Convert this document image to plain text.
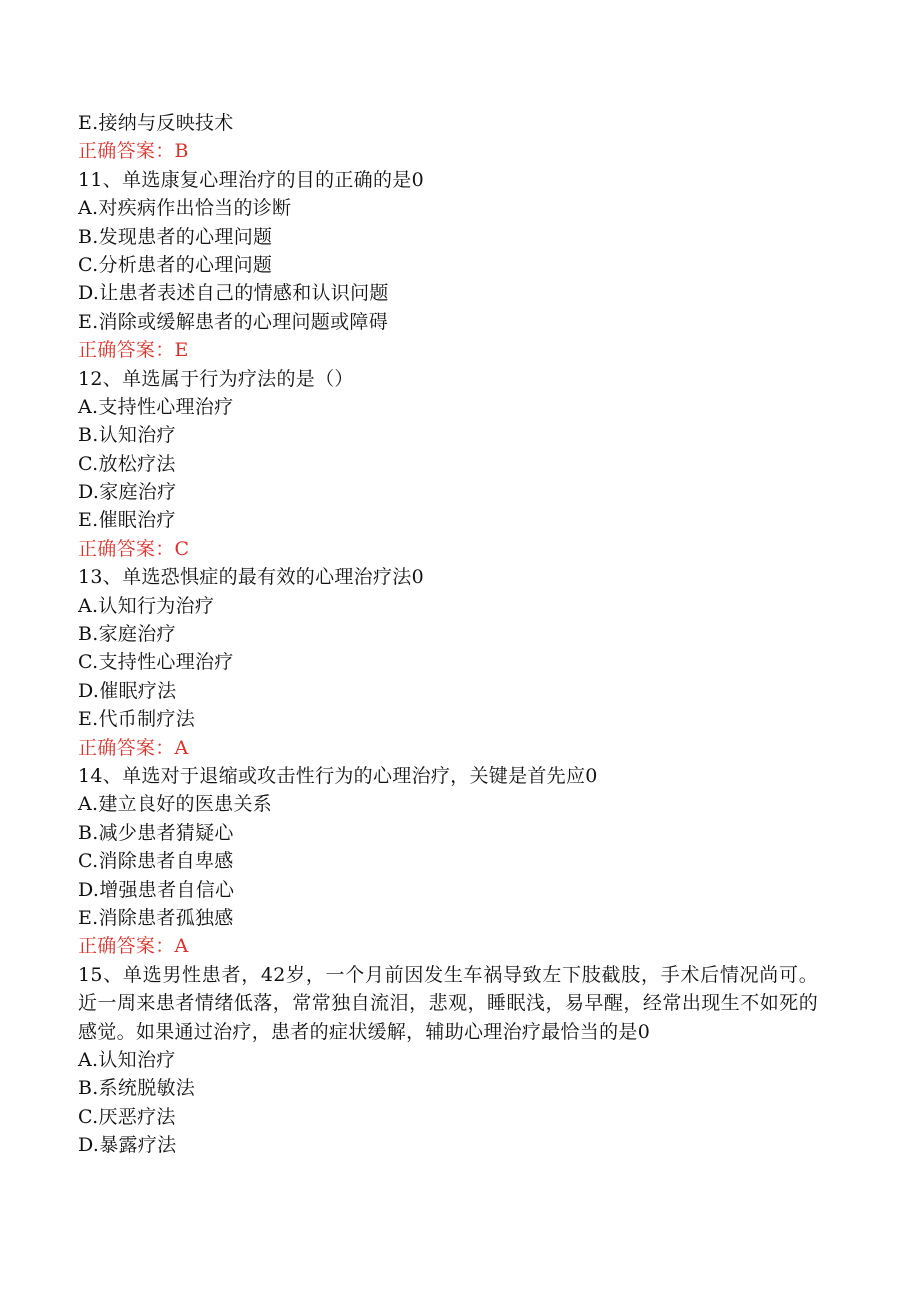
E.接纳与反映技术
正确答案：B
11、单选康复心理治疗的目的正确的是0
A.对疾病作出恰当的诊断
B.发现患者的心理问题
C.分析患者的心理问题
D.让患者表述自己的情感和认识问题
E.消除或缓解患者的心理问题或障碍
正确答案：E
12、单选属于行为疗法的是（）
A.支持性心理治疗
B.认知治疗
C.放松疗法
D.家庭治疗
E.催眠治疗
正确答案：C
13、单选恐惧症的最有效的心理治疗法0
A.认知行为治疗
B.家庭治疗
C.支持性心理治疗
D.催眠疗法
E.代币制疗法
正确答案：A
14、单选对于退缩或攻击性行为的心理治疗，关键是首先应0
A.建立良好的医患关系
B.减少患者猜疑心
C.消除患者自卑感
D.增强患者自信心
E.消除患者孤独感
正确答案：A
15、单选男性患者，42岁，一个月前因发生车祸导致左下肢截肢，手术后情况尚可。近一周来患者情绪低落，常常独自流泪，悲观，睡眠浅，易早醒，经常出现生不如死的感觉。如果通过治疗，患者的症状缓解，辅助心理治疗最恰当的是0
A.认知治疗
B.系统脱敏法
C.厌恶疗法
D.暴露疗法
